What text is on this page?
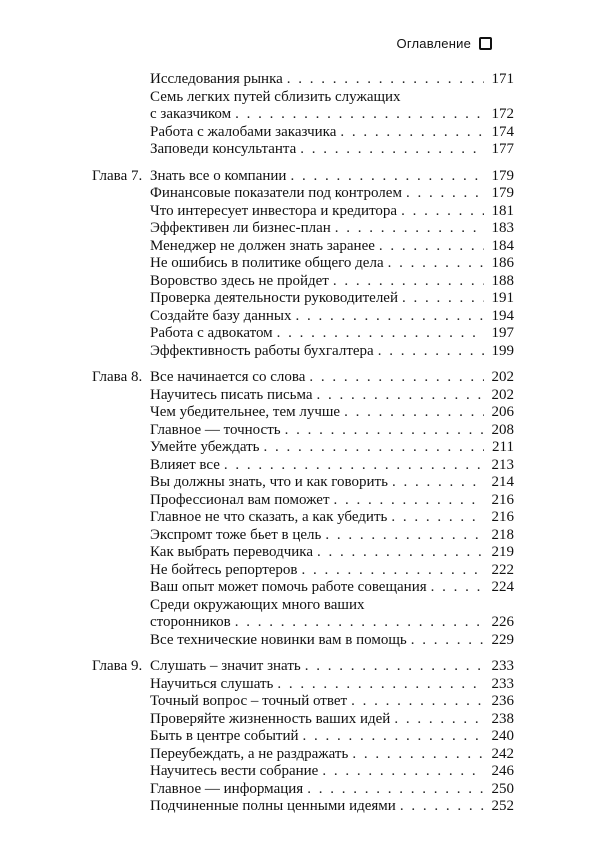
Оглавление
Исследования рынка . . .	171
Семь легких путей сблизить служащих
с заказчиком . . .	172
Работа с жалобами заказчика . . .	174
Заповеди консультанта . . .	177
Глава 7. Знать все о компании . . .	179
Финансовые показатели под контролем . . .	179
Что интересует инвестора и кредитора . . .	181
Эффективен ли бизнес-план . . .	183
Менеджер не должен знать заранее . . .	184
Не ошибись в политике общего дела . . .	186
Воровство здесь не пройдет . . .	188
Проверка деятельности руководителей . . .	191
Создайте базу данных . . .	194
Работа с адвокатом . . .	197
Эффективность работы бухгалтера . . .	199
Глава 8. Все начинается со слова . . .	202
Научитесь писать письма . . .	202
Чем убедительнее, тем лучше . . .	206
Главное — точность . . .	208
Умейте убеждать . . .	211
Влияет все . . .	213
Вы должны знать, что и как говорить . . .	214
Профессионал вам поможет . . .	216
Главное не что сказать, а как убедить . . .	216
Экспромт тоже бьет в цель . . .	218
Как выбрать переводчика . . .	219
Не бойтесь репортеров . . .	222
Ваш опыт может помочь работе совещания . . .	224
Среди окружающих много ваших
сторонников . . .	226
Все технические новинки вам в помощь . . .	229
Глава 9. Слушать – значит знать . . .	233
Научиться слушать . . .	233
Точный вопрос – точный ответ . . .	236
Проверяйте жизненность ваших идей . . .	238
Быть в центре событий . . .	240
Переубеждать, а не раздражать . . .	242
Научитесь вести собрание . . .	246
Главное — информация . . .	250
Подчиненные полны ценными идеями . . .	252
